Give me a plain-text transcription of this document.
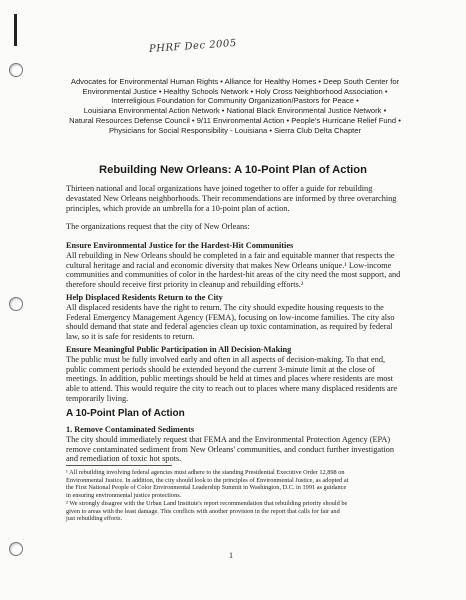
PHRF Dec 2005
Advocates for Environmental Human Rights • Alliance for Healthy Homes • Deep South Center for
Environmental Justice • Healthy Schools Network • Holy Cross Neighborhood Association •
Interreligious Foundation for Community Organization/Pastors for Peace •
Louisiana Environmental Action Network • National Black Environmental Justice Network •
Natural Resources Defense Council • 9/11 Environmental Action • People's Hurricane Relief Fund •
Physicians for Social Responsibility - Louisiana • Sierra Club Delta Chapter
Rebuilding New Orleans: A 10-Point Plan of Action
Thirteen national and local organizations have joined together to offer a guide for rebuilding
devastated New Orleans neighborhoods. Their recommendations are informed by three overarching
principles, which provide an umbrella for a 10-point plan of action.
The organizations request that the city of New Orleans:
Ensure Environmental Justice for the Hardest-Hit Communities
All rebuilding in New Orleans should be completed in a fair and equitable manner that respects the
cultural heritage and racial and economic diversity that makes New Orleans unique.¹ Low-income
communities and communities of color in the hardest-hit areas of the city need the most support, and
therefore should receive first priority in cleanup and rebuilding efforts.²
Help Displaced Residents Return to the City
All displaced residents have the right to return. The city should expedite housing requests to the
Federal Emergency Management Agency (FEMA), focusing on low-income families. The city also
should demand that state and federal agencies clean up toxic contamination, as required by federal
law, so it is safe for residents to return.
Ensure Meaningful Public Participation in All Decision-Making
The public must be fully involved early and often in all aspects of decision-making. To that end,
public comment periods should be extended beyond the current 3-minute limit at the close of
meetings. In addition, public meetings should be held at times and places where residents are most
able to attend. This would require the city to reach out to places where many displaced residents are
temporarily living.
A 10-Point Plan of Action
1. Remove Contaminated Sediments
The city should immediately request that FEMA and the Environmental Protection Agency (EPA)
remove contaminated sediment from New Orleans' communities, and conduct further investigation
and remediation of toxic hot spots.
¹ All rebuilding involving federal agencies must adhere to the standing Presidential Executive Order 12,898 on
Environmental Justice. In addition, the city should look to the principles of Environmental Justice, as adopted at
the First National People of Color Environmental Leadership Summit in Washington, D.C. in 1991 as guidance
in ensuring environmental justice protections.
² We strongly disagree with the Urban Land Institute's report recommendation that rebuilding priority should be
given to areas with the least damage. This conflicts with another provision in the report that calls for fair and
just rebuilding efforts.
1
